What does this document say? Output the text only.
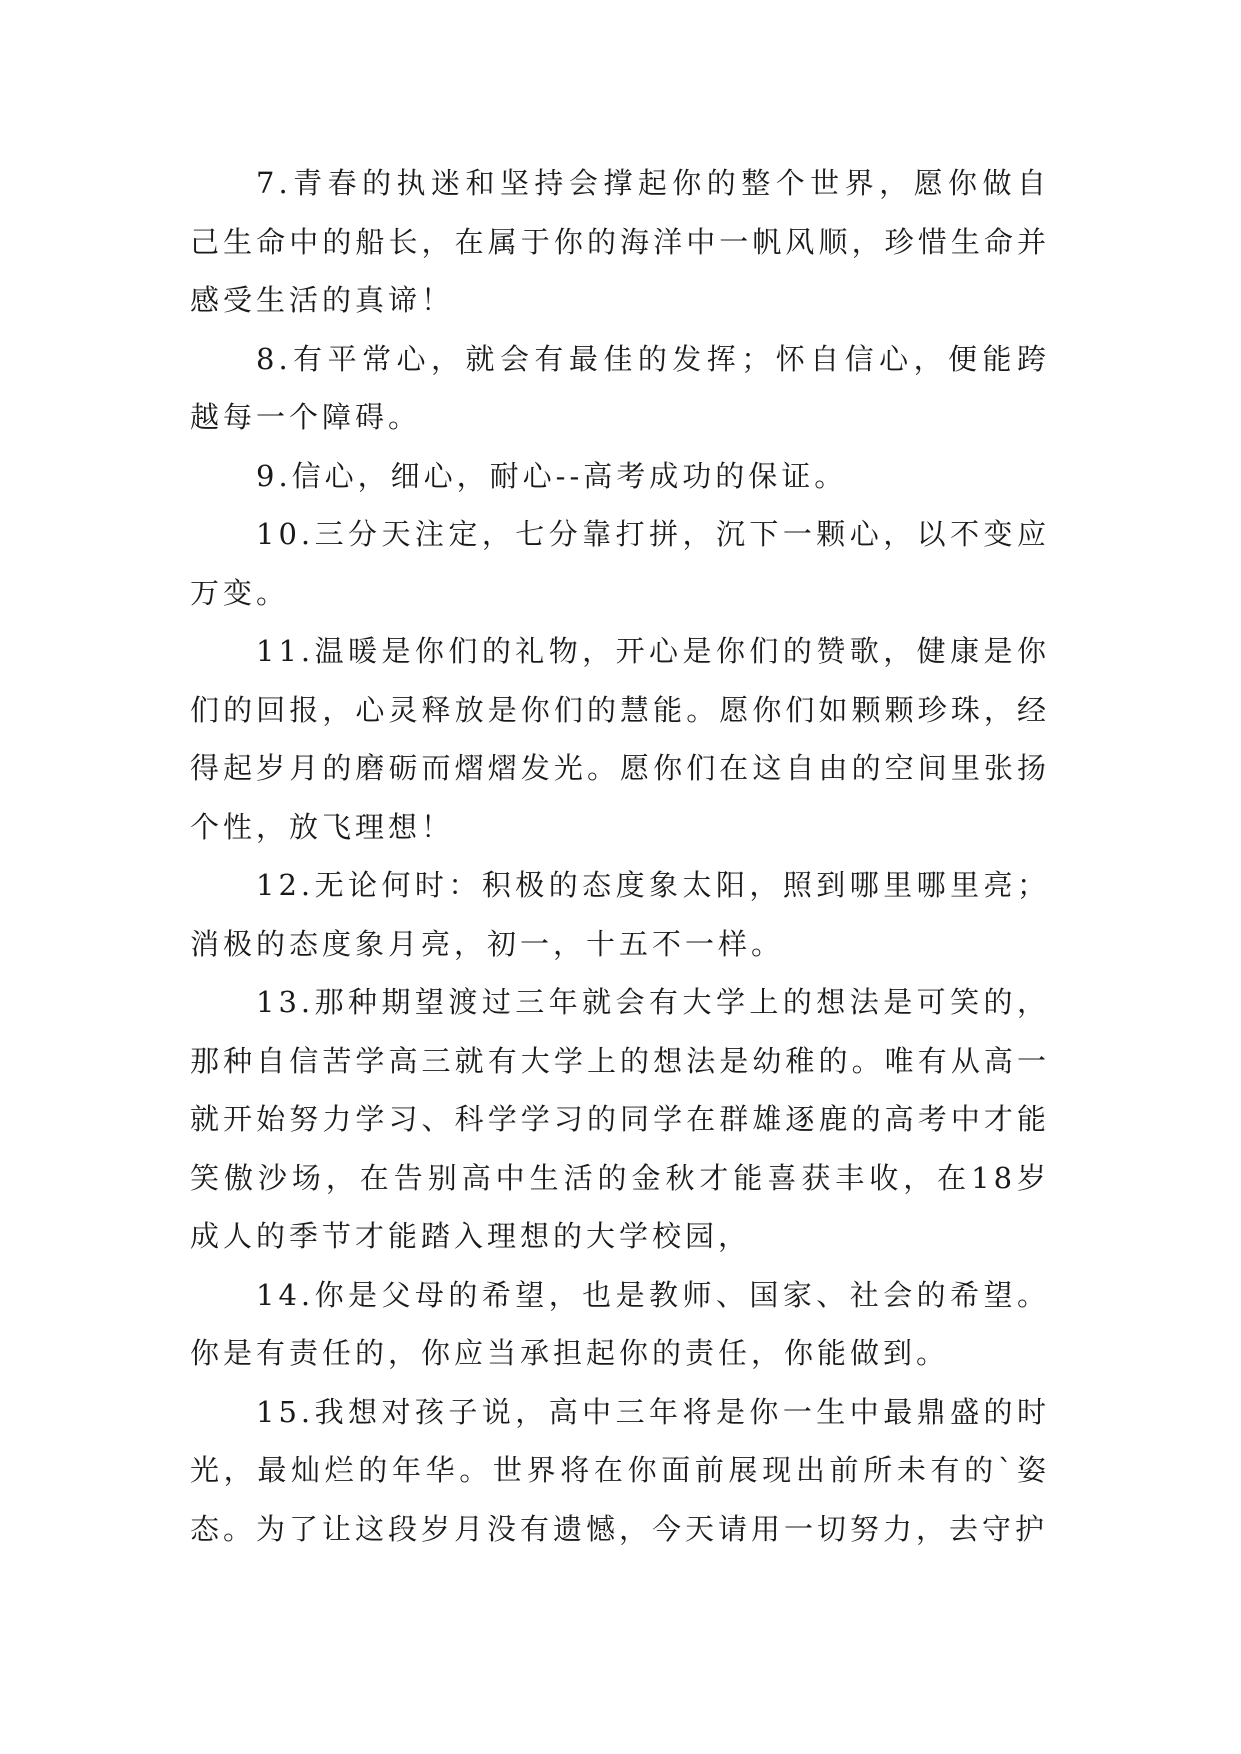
7.青春的执迷和坚持会撑起你的整个世界，愿你做自己生命中的船长，在属于你的海洋中一帆风顺，珍惜生命并感受生活的真谛！

8.有平常心，就会有最佳的发挥；怀自信心，便能跨越每一个障碍。

9.信心，细心，耐心--高考成功的保证。

10.三分天注定，七分靠打拼，沉下一颗心，以不变应万变。

11.温暖是你们的礼物，开心是你们的赞歌，健康是你们的回报，心灵释放是你们的慧能。愿你们如颗颗珍珠，经得起岁月的磨砺而熠熠发光。愿你们在这自由的空间里张扬个性，放飞理想！

12.无论何时：积极的态度象太阳，照到哪里哪里亮；消极的态度象月亮，初一，十五不一样。

13.那种期望渡过三年就会有大学上的想法是可笑的，那种自信苦学高三就有大学上的想法是幼稚的。唯有从高一就开始努力学习、科学学习的同学在群雄逐鹿的高考中才能笑傲沙场，在告别高中生活的金秋才能喜获丰收，在18岁成人的季节才能踏入理想的大学校园，

14.你是父母的希望，也是教师、国家、社会的希望。你是有责任的，你应当承担起你的责任，你能做到。

15.我想对孩子说，高中三年将是你一生中最鼎盛的时光，最灿烂的年华。世界将在你面前展现出前所未有的`姿态。为了让这段岁月没有遗憾，今天请用一切努力，去守护
